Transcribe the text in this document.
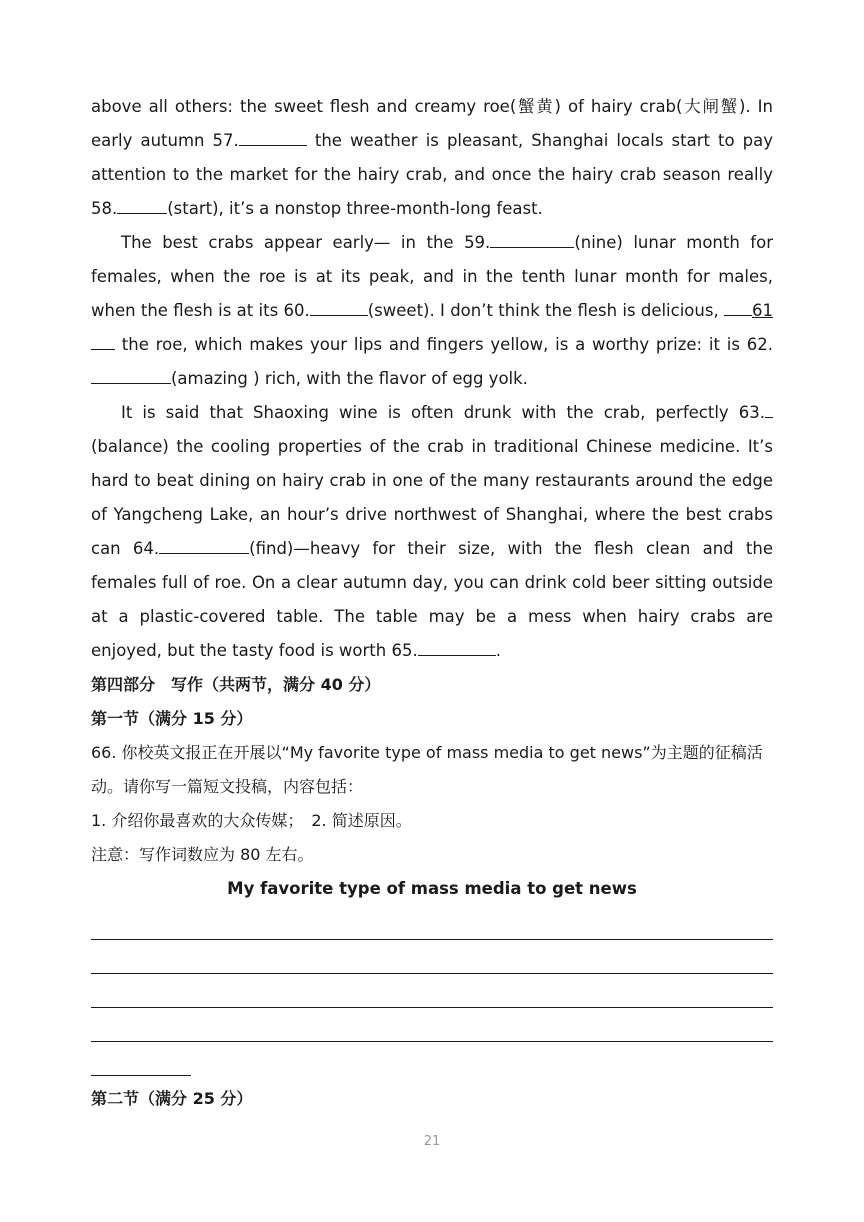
above all others: the sweet flesh and creamy roe(蟹黄) of hairy crab(大闸蟹). In early autumn 57.	the weather is pleasant, Shanghai locals start to pay attention to the market for the hairy crab, and once the hairy crab season really 58.	(start), it’s a nonstop three-month-long feast.

The best crabs appear early— in the 59.	(nine) lunar month for females, when the roe is at its peak, and in the tenth lunar month for males, when the flesh is at its 60.	(sweet). I don’t think the flesh is delicious, 61 the roe, which makes your lips and fingers yellow, is a worthy prize: it is 62.(amazing ) rich, with the flavor of egg yolk.

It is said that Shaoxing wine is often drunk with the crab, perfectly 63.(balance) the cooling properties of the crab in traditional Chinese medicine. It’s hard to beat dining on hairy crab in one of the many restaurants around the edge of Yangcheng Lake, an hour’s drive northwest of Shanghai, where the best crabs can 64.	(find)—heavy for their size, with the flesh clean and the females full of roe. On a clear autumn day, you can drink cold beer sitting outside at a plastic-covered table. The table may be a mess when hairy crabs are enjoyed, but the tasty food is worth 65.	.

第四部分　写作（共两节，满分 40 分）

第一节（满分 15 分）

66. 你校英文报正在开展以“My favorite type of mass media to get news”为主题的征稿活动。请你写一篇短文投稿，内容包括：

1. 介绍你最喜欢的大众传媒；　2. 简述原因。

注意：写作词数应为 80 左右。

My favorite type of mass media to get news

第二节（满分 25 分）

21
